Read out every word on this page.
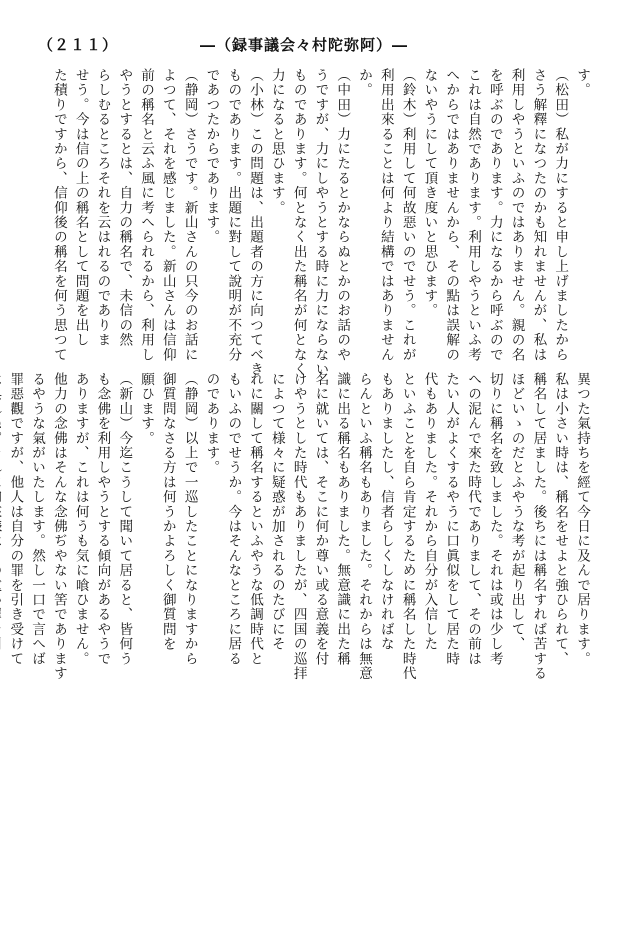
（２１１）	―（録事議会々村陀弥阿）―
す。
（松田）私が力にすると申し上げましたから
さう解釋になつたのかも知れませんが、私は
利用しやうといふのではありません。親の名
を呼ぶのであります。力になるから呼ぶので
これは自然であります。利用しやうといふ考
へからではありませんから、その點は誤解の
ないやうにして頂き度いと思ひます。
（鈴木）利用して何故惡いのでせう。これが
利用出來ることは何より結構ではありません
か。
（中田）力にたるとかならぬとかのお話のや
うですが、力にしやうとする時に力にならない
ものであります。何となく出た稱名が何となく
力になると思ひます。
（小林）この問題は、出題者の方に向つてべき
ものであります。出題に對して說明が不充分
であつたからであります。
（静岡）さうです。新山さんの只今のお話に
よつて、それを感じました。新山さんは信仰
前の稱名と云ふ風に考へられるから、利用し
やうとするとは、自力の稱名で、未信の然
らしむるところそれを云はれるのでありま
せう。今は信の上の稱名として問題を出し
た積りですから、信仰後の稱名を何う思つて
異つた氣持ちを經て今日に及んで居ります。
私は小さい時は、稱名をせよと強ひられて、
稱名して居ました。後ちには稱名すれば苦する
ほどいゝのだとふやうな考が起り出して、
切りに稱名を致しました。それは或は少し考
への泥んで來た時代でありまして、その前は
たい人がよくするやうに口眞似をして居た時
代もありました。それから自分が入信した
といふことを自ら肯定するために稱名した時代
もありましたし、信者らしくしなければな
らんといふ稱名もありました。それからは無意
識に出る稱名もありました。無意識に出た稱
名に就いては、そこに何か尊い或る意義を付
けやうとした時代もありましたが、四国の巡拝
によつて様々に疑惑が加されるのたびにそ
れに關して稱名するといふやうな低調時代と
もいふのでせうか。今はそんなところに居る
のであります。
（静岡）以上で一巡したことになりますから
御質問なさる方は何うかよろしく御質問を
願ひます。
（新山）今迄こうして聞いて居ると、皆何う
も念佛を利用しやうとする傾向があるやうで
ありますが、これは何うも気に喰ひません。
他力の念佛はそんな念佛ぢやない筈であります
るやうな氣がいたします。然し一口で言へば
罪惡觀ですが、他人は自分の罪を引き受けて
